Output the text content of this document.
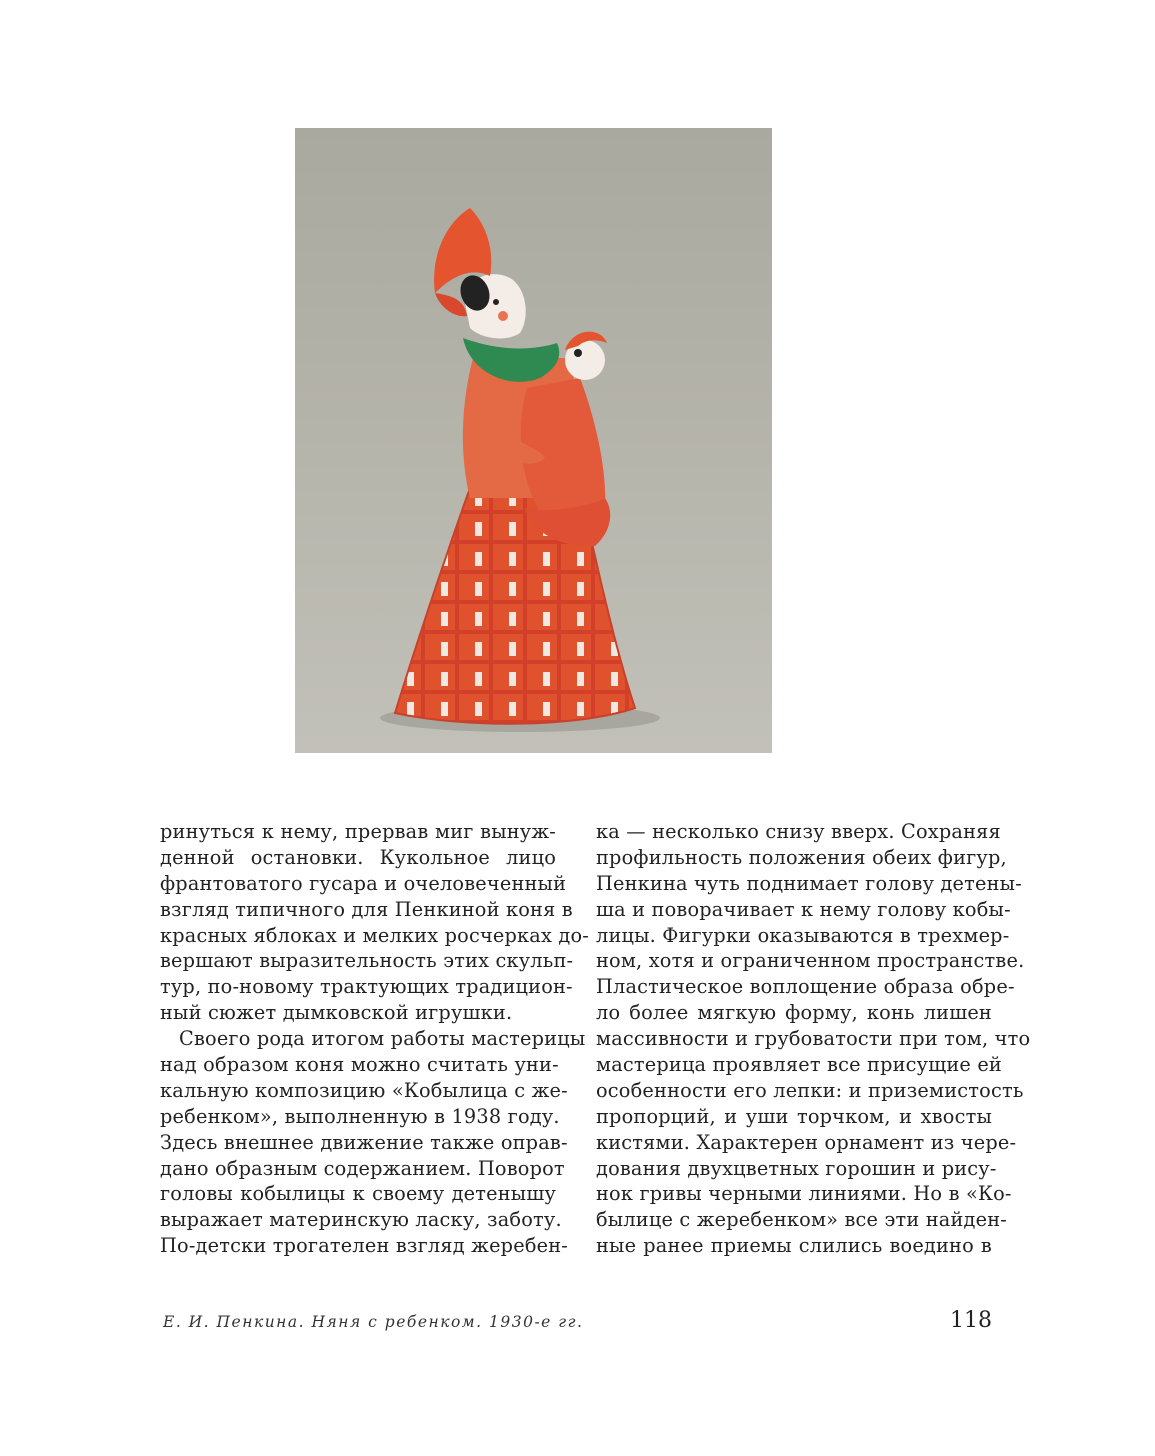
ринуться к нему, прервав миг вынуж-
денной остановки. Кукольное лицо
франтоватого гусара и очеловеченный
взгляд типичного для Пенкиной коня в
красных яблоках и мелких росчерках до-
вершают выразительность этих скульп-
тур, по-новому трактующих традицион-
ный сюжет дымковской игрушки.
Своего рода итогом работы мастерицы
над образом коня можно считать уни-
кальную композицию «Кобылица с же-
ребенком», выполненную в 1938 году.
Здесь внешнее движение также оправ-
дано образным содержанием. Поворот
головы кобылицы к своему детенышу
выражает материнскую ласку, заботу.
По-детски трогателен взгляд жеребен-
ка — несколько снизу вверх. Сохраняя
профильность положения обеих фигур,
Пенкина чуть поднимает голову детены-
ша и поворачивает к нему голову кобы-
лицы. Фигурки оказываются в трехмер-
ном, хотя и ограниченном пространстве.
Пластическое воплощение образа обре-
ло более мягкую форму, конь лишен
массивности и грубоватости при том, что
мастерица проявляет все присущие ей
особенности его лепки: и приземистость
пропорций, и уши торчком, и хвосты
кистями. Характерен орнамент из чере-
дования двухцветных горошин и рису-
нок гривы черными линиями. Но в «Ко-
былице с жеребенком» все эти найден-
ные ранее приемы слились воедино в
Е. И. Пенкина. Няня с ребенком. 1930-е гг.	118
